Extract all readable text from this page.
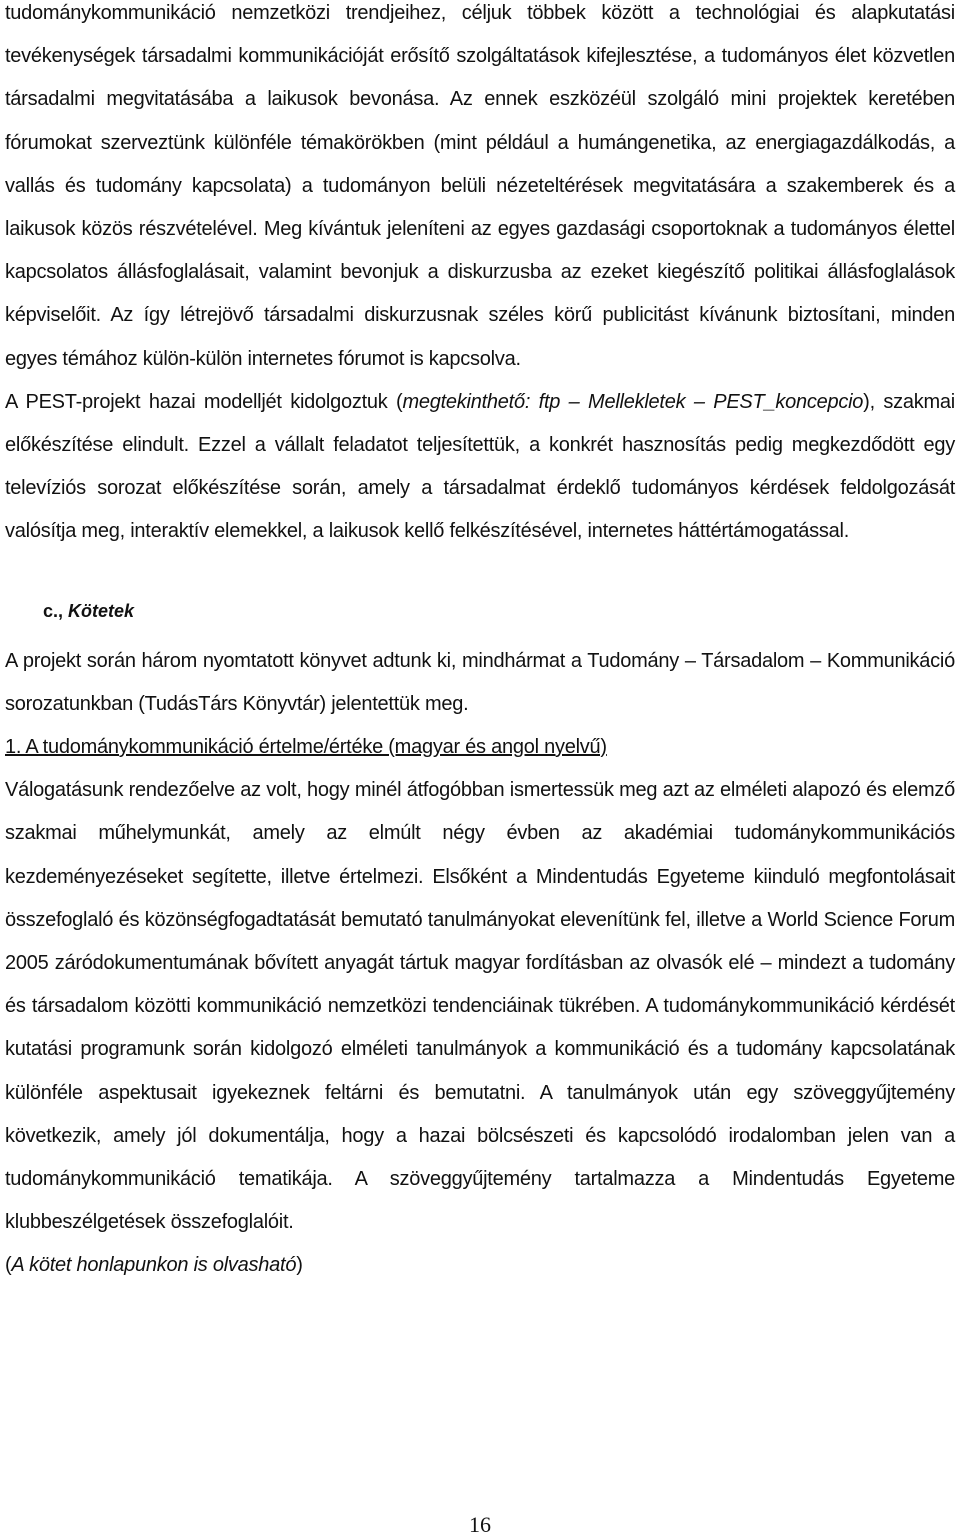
tudománykommunikáció nemzetközi trendjeihez, céljuk többek között a technológiai és alapkutatási tevékenységek társadalmi kommunikációját erősítő szolgáltatások kifejlesztése, a tudományos élet közvetlen társadalmi megvitatásába a laikusok bevonása. Az ennek eszközéül szolgáló mini projektek keretében fórumokat szerveztünk különféle témakörökben (mint például a humángenetika, az energiagazdálkodás, a vallás és tudomány kapcsolata) a tudományon belüli nézeteltérések megvitatására a szakemberek és a laikusok közös részvételével. Meg kívántuk jeleníteni az egyes gazdasági csoportoknak a tudományos élettel kapcsolatos állásfoglalásait, valamint bevonjuk a diskurzusba az ezeket kiegészítő politikai állásfoglalások képviselőit. Az így létrejövő társadalmi diskurzusnak széles körű publicitást kívánunk biztosítani, minden egyes témához külön-külön internetes fórumot is kapcsolva.

A PEST-projekt hazai modelljét kidolgoztuk (megtekinthető: ftp – Mellekletek – PEST_koncepcio), szakmai előkészítése elindult. Ezzel a vállalt feladatot teljesítettük, a konkrét hasznosítás pedig megkezdődött egy televíziós sorozat előkészítése során, amely a társadalmat érdeklő tudományos kérdések feldolgozását valósítja meg, interaktív elemekkel, a laikusok kellő felkészítésével, internetes háttértámogatással.

c., Kötetek

A projekt során három nyomtatott könyvet adtunk ki, mindhármat a Tudomány – Társadalom – Kommunikáció sorozatunkban (TudásTárs Könyvtár) jelentettük meg.

1. A tudománykommunikáció értelme/értéke (magyar és angol nyelvű)

Válogatásunk rendezőelve az volt, hogy minél átfogóbban ismertessük meg azt az elméleti alapozó és elemző szakmai műhelymunkát, amely az elmúlt négy évben az akadémiai tudománykommunikációs kezdeményezéseket segítette, illetve értelmezi. Elsőként a Mindentudás Egyeteme kiinduló megfontolásait összefoglaló és közönségfogadtatását bemutató tanulmányokat elevenítünk fel, illetve a World Science Forum 2005 záródokumentumának bővített anyagát tártuk magyar fordításban az olvasók elé – mindezt a tudomány és társadalom közötti kommunikáció nemzetközi tendenciáinak tükrében. A tudománykommunikáció kérdését kutatási programunk során kidolgozó elméleti tanulmányok a kommunikáció és a tudomány kapcsolatának különféle aspektusait igyekeznek feltárni és bemutatni. A tanulmányok után egy szöveggyűjtemény következik, amely jól dokumentálja, hogy a hazai bölcsészeti és kapcsolódó irodalomban jelen van a tudománykommunikáció tematikája. A szöveggyűjtemény tartalmazza a Mindentudás Egyeteme klubbeszélgetések összefoglalóit.

(A kötet honlapunkon is olvasható)

16
